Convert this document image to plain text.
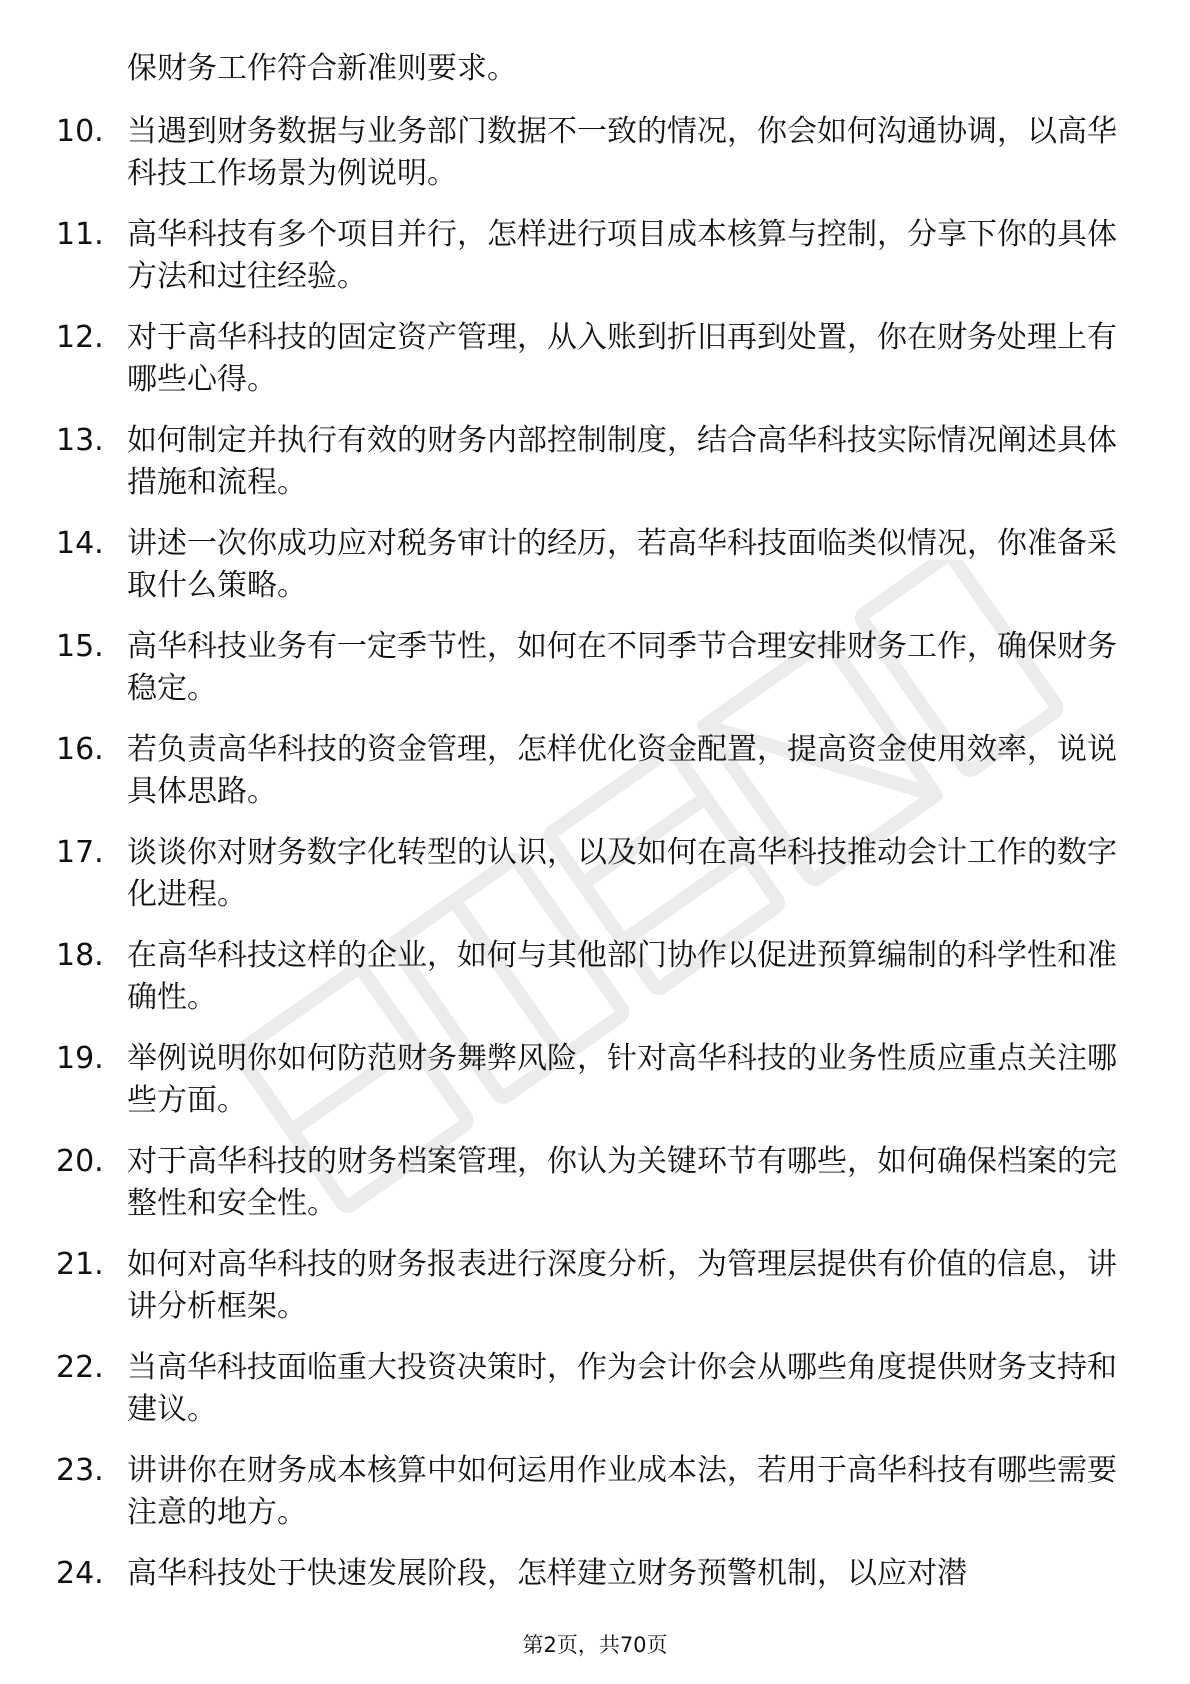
保财务工作符合新准则要求。
10. 当遇到财务数据与业务部门数据不一致的情况，你会如何沟通协调，以高华科技工作场景为例说明。
11. 高华科技有多个项目并行，怎样进行项目成本核算与控制，分享下你的具体方法和过往经验。
12. 对于高华科技的固定资产管理，从入账到折旧再到处置，你在财务处理上有哪些心得。
13. 如何制定并执行有效的财务内部控制制度，结合高华科技实际情况阐述具体措施和流程。
14. 讲述一次你成功应对税务审计的经历，若高华科技面临类似情况，你准备采取什么策略。
15. 高华科技业务有一定季节性，如何在不同季节合理安排财务工作，确保财务稳定。
16. 若负责高华科技的资金管理，怎样优化资金配置，提高资金使用效率，说说具体思路。
17. 谈谈你对财务数字化转型的认识，以及如何在高华科技推动会计工作的数字化进程。
18. 在高华科技这样的企业，如何与其他部门协作以促进预算编制的科学性和准确性。
19. 举例说明你如何防范财务舞弊风险，针对高华科技的业务性质应重点关注哪些方面。
20. 对于高华科技的财务档案管理，你认为关键环节有哪些，如何确保档案的完整性和安全性。
21. 如何对高华科技的财务报表进行深度分析，为管理层提供有价值的信息，讲讲分析框架。
22. 当高华科技面临重大投资决策时，作为会计你会从哪些角度提供财务支持和建议。
23. 讲讲你在财务成本核算中如何运用作业成本法，若用于高华科技有哪些需要注意的地方。
24. 高华科技处于快速发展阶段，怎样建立财务预警机制，以应对潜
第2页，共70页
